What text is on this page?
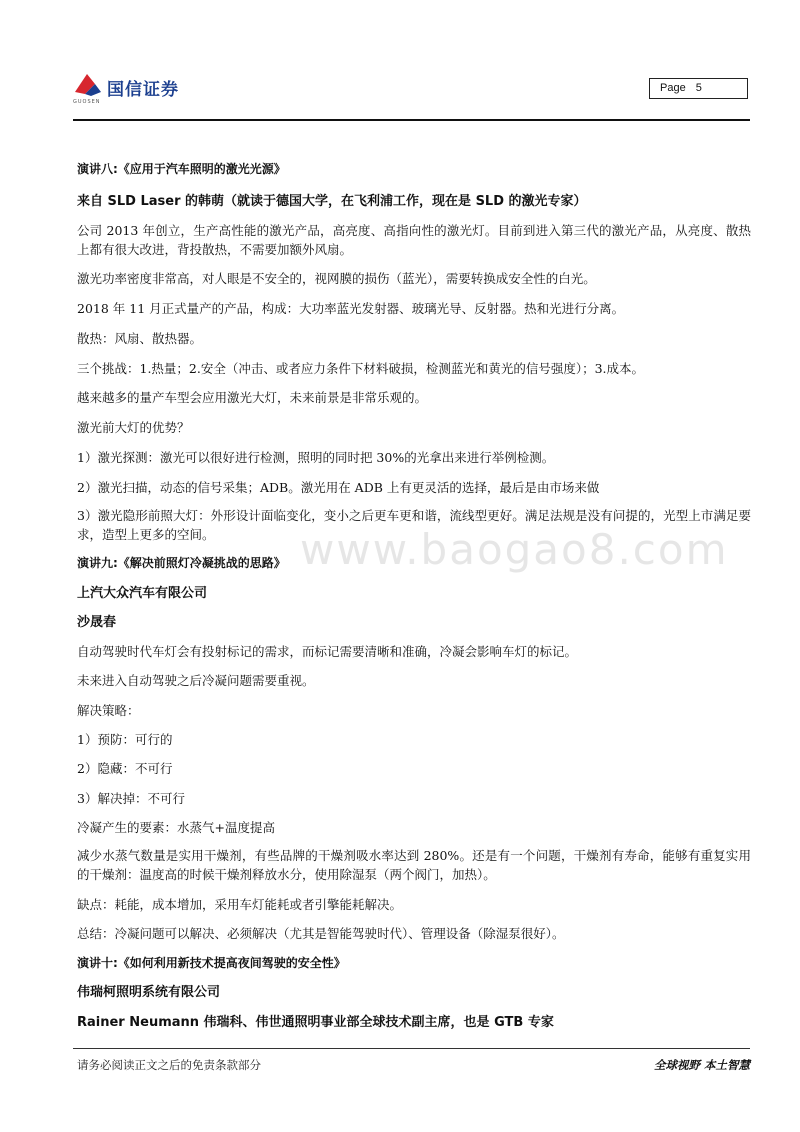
国信证券
GUOSEN
Page 5
www.baogao8.com
演讲八:《应用于汽车照明的激光光源》
来自 SLD Laser 的韩萌（就读于德国大学，在飞利浦工作，现在是 SLD 的激光专家）
公司 2013 年创立，生产高性能的激光产品，高亮度、高指向性的激光灯。目前到进入第三代的激光产品，从亮度、散热上都有很大改进，背投散热，不需要加额外风扇。
激光功率密度非常高，对人眼是不安全的，视网膜的损伤（蓝光），需要转换成安全性的白光。
2018 年 11 月正式量产的产品，构成：大功率蓝光发射器、玻璃光导、反射器。热和光进行分离。
散热：风扇、散热器。
三个挑战：1.热量；2.安全（冲击、或者应力条件下材料破损，检测蓝光和黄光的信号强度）；3.成本。
越来越多的量产车型会应用激光大灯，未来前景是非常乐观的。
激光前大灯的优势？
1）激光探测：激光可以很好进行检测，照明的同时把 30%的光拿出来进行举例检测。
2）激光扫描，动态的信号采集；ADB。激光用在 ADB 上有更灵活的选择，最后是由市场来做
3）激光隐形前照大灯：外形设计面临变化，变小之后更车更和谐，流线型更好。满足法规是没有问提的，光型上市满足要求，造型上更多的空间。
演讲九:《解决前照灯冷凝挑战的思路》
上汽大众汽车有限公司
沙晟春
自动驾驶时代车灯会有投射标记的需求，而标记需要清晰和准确，冷凝会影响车灯的标记。
未来进入自动驾驶之后冷凝问题需要重视。
解决策略：
1）预防：可行的
2）隐藏：不可行
3）解决掉：不可行
冷凝产生的要素：水蒸气+温度提高
减少水蒸气数量是实用干燥剂，有些品牌的干燥剂吸水率达到 280%。还是有一个问题，干燥剂有寿命，能够有重复实用的干燥剂：温度高的时候干燥剂释放水分，使用除湿泵（两个阀门，加热）。
缺点：耗能，成本增加，采用车灯能耗或者引擎能耗解决。
总结：冷凝问题可以解决、必须解决（尤其是智能驾驶时代）、管理设备（除湿泵很好）。
演讲十:《如何利用新技术提高夜间驾驶的安全性》
伟瑞柯照明系统有限公司
Rainer Neumann 伟瑞科、伟世通照明事业部全球技术副主席，也是 GTB 专家
请务必阅读正文之后的免责条款部分	全球视野 本土智慧
